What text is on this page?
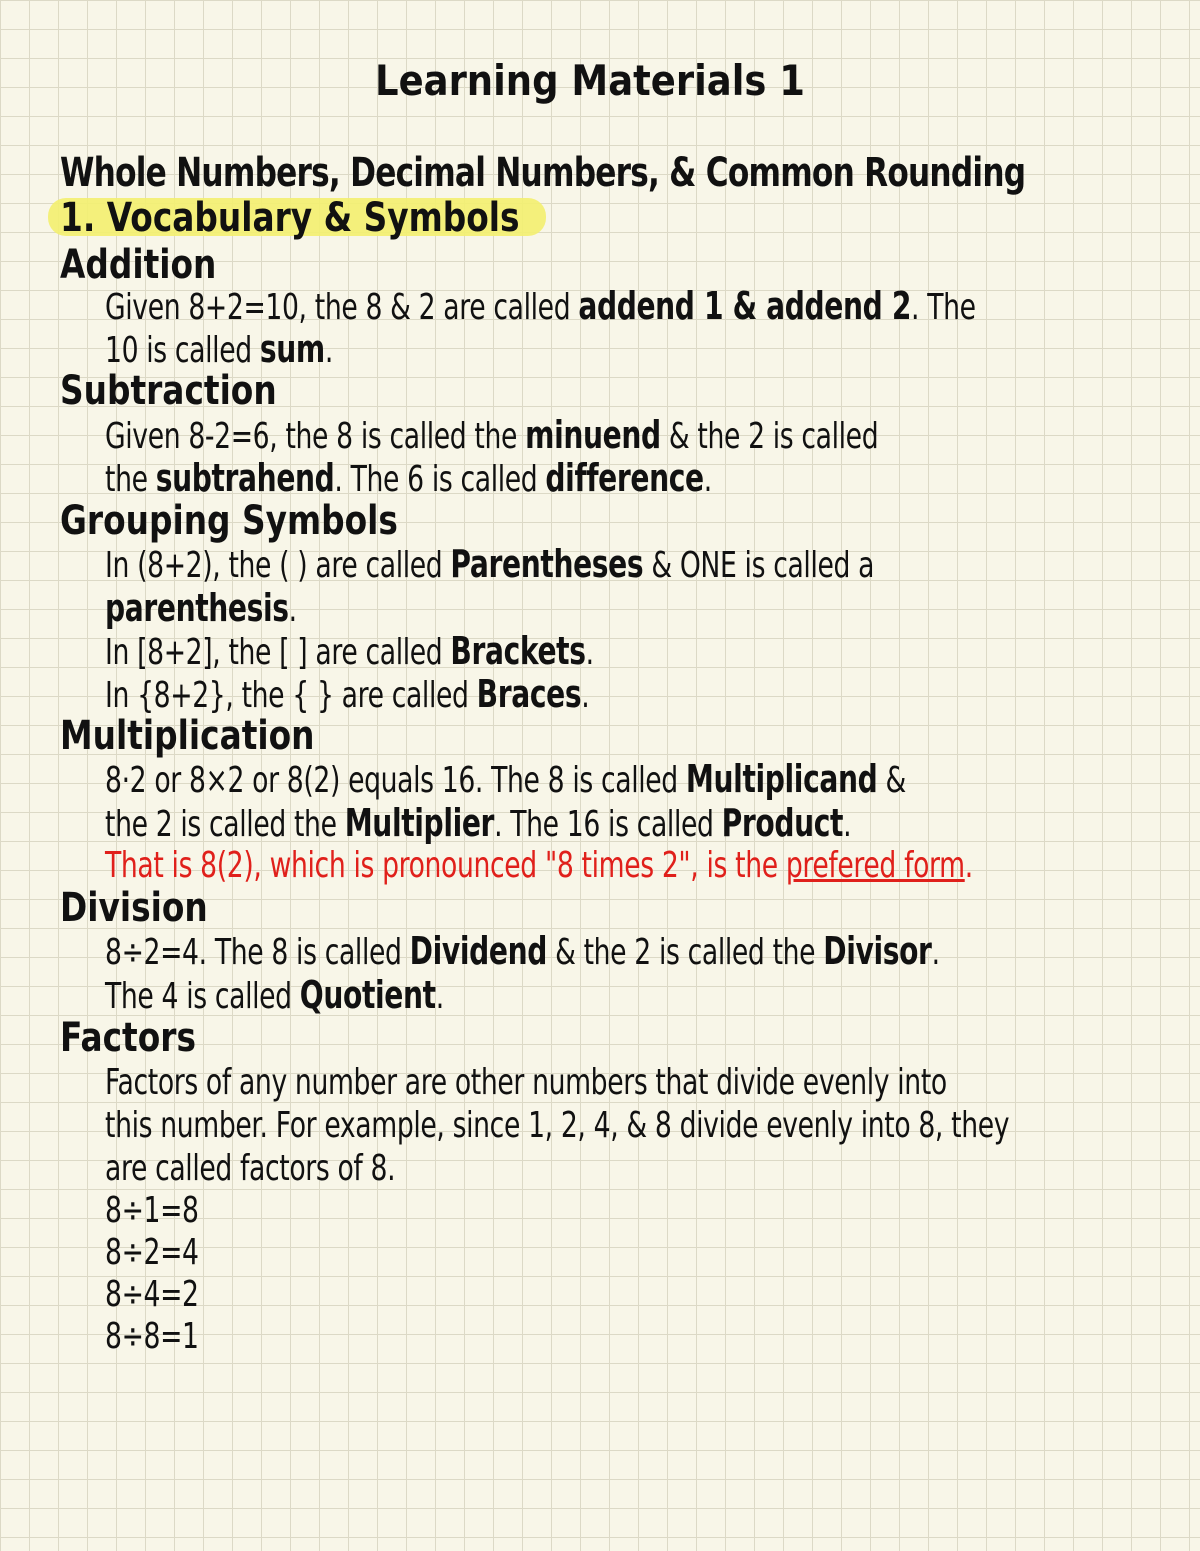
Learning Materials 1
Whole Numbers, Decimal Numbers, & Common Rounding
1. Vocabulary & Symbols
Addition
Given 8+2=10, the 8 & 2 are called addend 1 & addend 2. The
10 is called sum.
Subtraction
Given 8-2=6, the 8 is called the minuend & the 2 is called
the subtrahend. The 6 is called difference.
Grouping Symbols
In (8+2), the ( ) are called Parentheses & ONE is called a
parenthesis.
In [8+2], the [ ] are called Brackets.
In {8+2}, the { } are called Braces.
Multiplication
8·2 or 8×2 or 8(2) equals 16. The 8 is called Multiplicand &
the 2 is called the Multiplier. The 16 is called Product.
That is 8(2), which is pronounced "8 times 2", is the prefered form.
Division
8÷2=4. The 8 is called Dividend & the 2 is called the Divisor.
The 4 is called Quotient.
Factors
Factors of any number are other numbers that divide evenly into
this number. For example, since 1, 2, 4, & 8 divide evenly into 8, they
are called factors of 8.
8÷1=8
8÷2=4
8÷4=2
8÷8=1
